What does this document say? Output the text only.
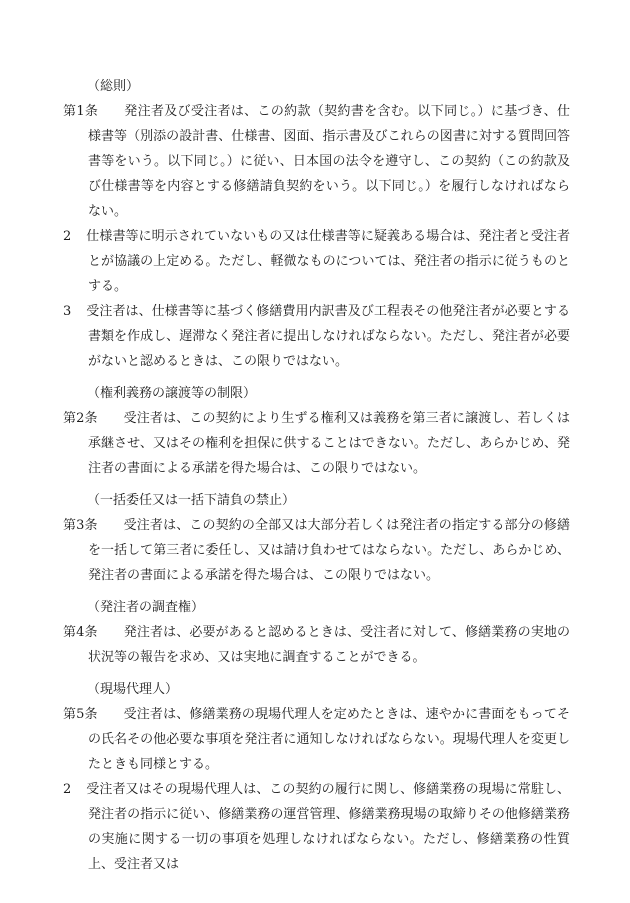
（総則）

第1条 発注者及び受注者は、この約款（契約書を含む。以下同じ。）に基づき、仕様書等（別添の設計書、仕様書、図面、指示書及びこれらの図書に対する質問回答書等をいう。以下同じ。）に従い、日本国の法令を遵守し、この契約（この約款及び仕様書等を内容とする修繕請負契約をいう。以下同じ。）を履行しなければならない。

2 仕様書等に明示されていないもの又は仕様書等に疑義ある場合は、発注者と受注者とが協議の上定める。ただし、軽微なものについては、発注者の指示に従うものとする。

3 受注者は、仕様書等に基づく修繕費用内訳書及び工程表その他発注者が必要とする書類を作成し、遅滞なく発注者に提出しなければならない。ただし、発注者が必要がないと認めるときは、この限りではない。

（権利義務の譲渡等の制限）

第2条 受注者は、この契約により生ずる権利又は義務を第三者に譲渡し、若しくは承継させ、又はその権利を担保に供することはできない。ただし、あらかじめ、発注者の書面による承諾を得た場合は、この限りではない。

（一括委任又は一括下請負の禁止）

第3条 受注者は、この契約の全部又は大部分若しくは発注者の指定する部分の修繕を一括して第三者に委任し、又は請け負わせてはならない。ただし、あらかじめ、発注者の書面による承諾を得た場合は、この限りではない。

（発注者の調査権）

第4条 発注者は、必要があると認めるときは、受注者に対して、修繕業務の実地の状況等の報告を求め、又は実地に調査することができる。

（現場代理人）

第5条 受注者は、修繕業務の現場代理人を定めたときは、速やかに書面をもってその氏名その他必要な事項を発注者に通知しなければならない。現場代理人を変更したときも同様とする。

2 受注者又はその現場代理人は、この契約の履行に関し、修繕業務の現場に常駐し、発注者の指示に従い、修繕業務の運営管理、修繕業務現場の取締りその他修繕業務の実施に関する一切の事項を処理しなければならない。ただし、修繕業務の性質上、受注者又は
